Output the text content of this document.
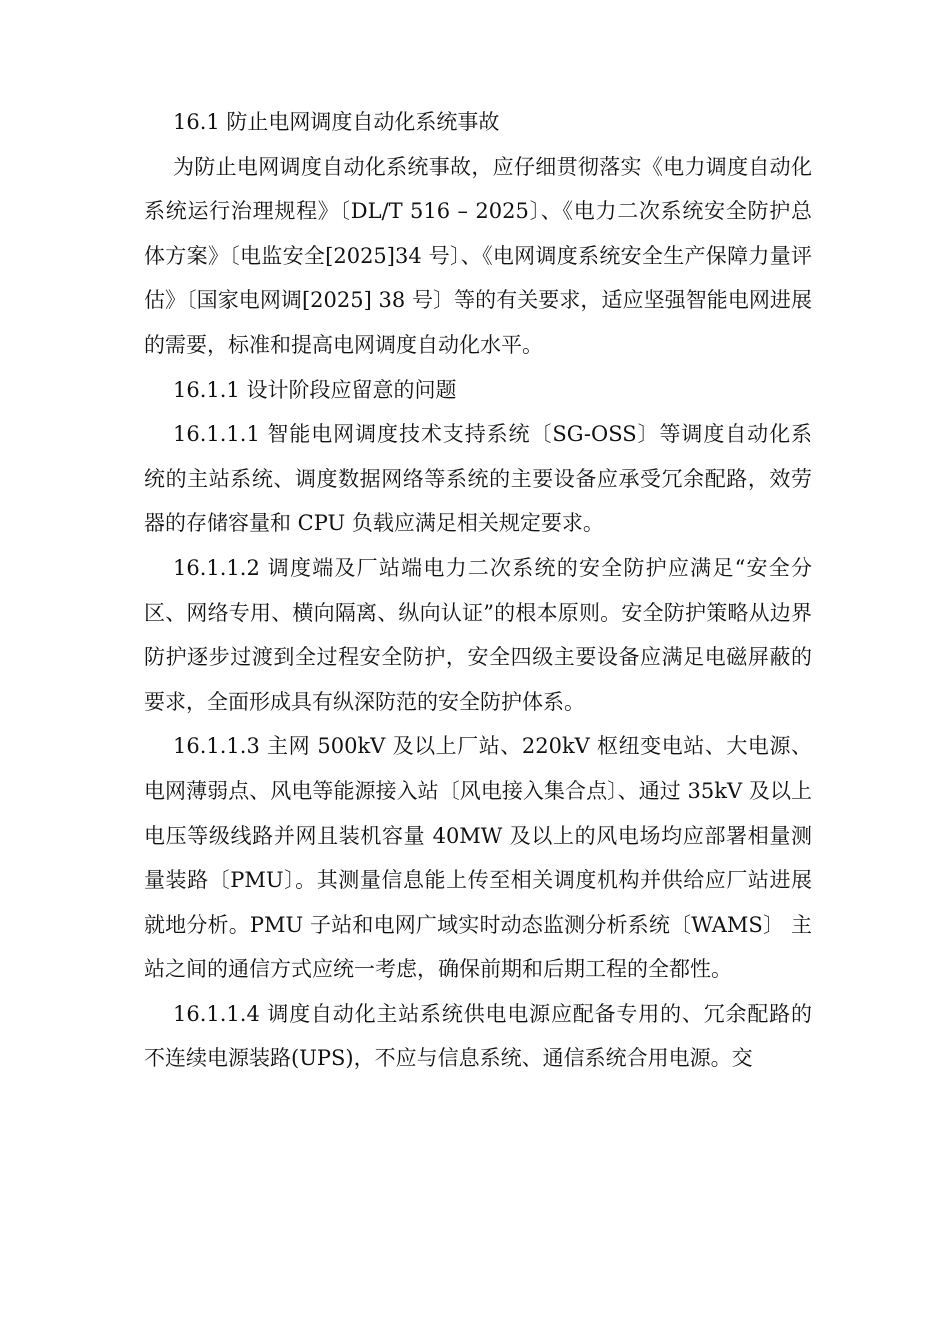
16.1 防止电网调度自动化系统事故

为防止电网调度自动化系统事故，应仔细贯彻落实《电力调度自动化系统运行治理规程》〔DL/T 516 – 2025〕、《电力二次系统安全防护总体方案》〔电监安全[2025]34 号〕、《电网调度系统安全生产保障力量评估》〔国家电网调[2025] 38 号〕等的有关要求，适应坚强智能电网进展的需要，标准和提高电网调度自动化水平。

16.1.1 设计阶段应留意的问题

16.1.1.1 智能电网调度技术支持系统〔SG-OSS〕等调度自动化系统的主站系统、调度数据网络等系统的主要设备应承受冗余配路，效劳器的存储容量和 CPU 负载应满足相关规定要求。

16.1.1.2 调度端及厂站端电力二次系统的安全防护应满足“安全分区、网络专用、横向隔离、纵向认证”的根本原则。安全防护策略从边界防护逐步过渡到全过程安全防护，安全四级主要设备应满足电磁屏蔽的要求，全面形成具有纵深防范的安全防护体系。

16.1.1.3 主网 500kV 及以上厂站、220kV 枢纽变电站、大电源、电网薄弱点、风电等能源接入站〔风电接入集合点〕、通过 35kV 及以上电压等级线路并网且装机容量 40MW 及以上的风电场均应部署相量测量装路〔PMU〕。其测量信息能上传至相关调度机构并供给应厂站进展就地分析。PMU 子站和电网广域实时动态监测分析系统〔WAMS〕 主站之间的通信方式应统一考虑，确保前期和后期工程的全都性。

16.1.1.4 调度自动化主站系统供电电源应配备专用的、冗余配路的不连续电源装路(UPS)，不应与信息系统、通信系统合用电源。交
